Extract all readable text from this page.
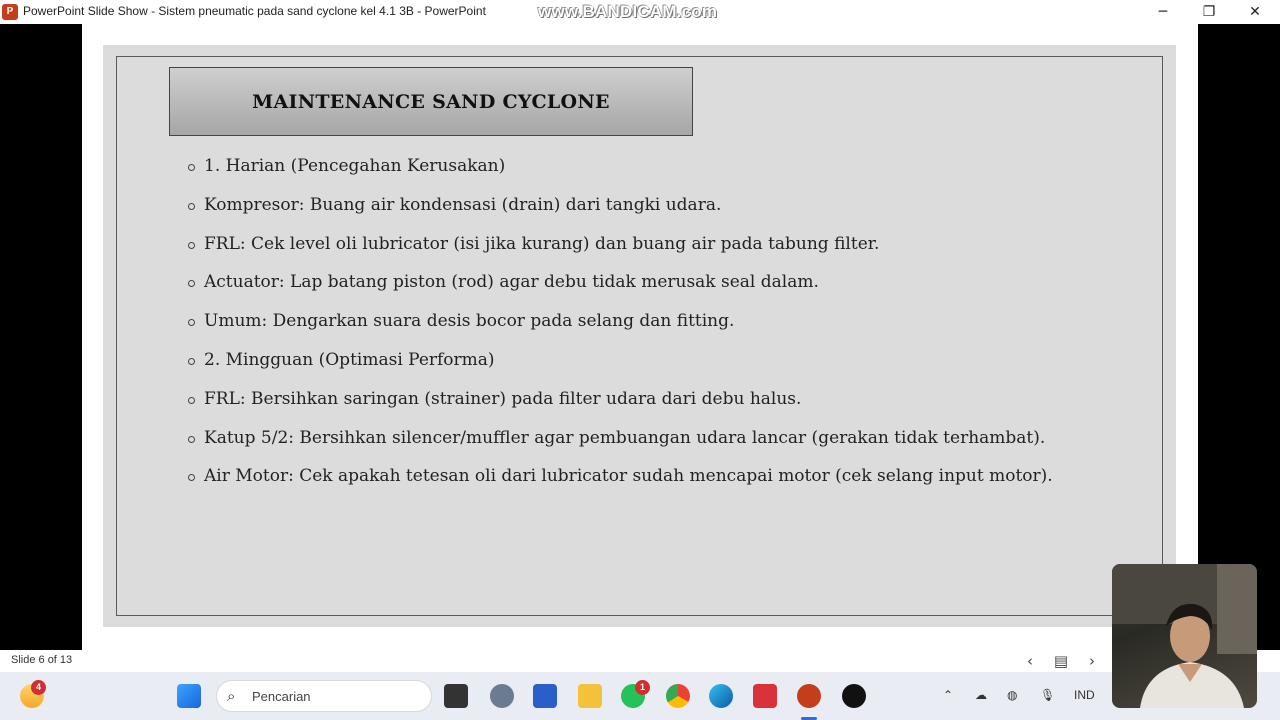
P PowerPoint Slide Show - Sistem pneumatic pada sand cyclone kel 4.1 3B - PowerPoint	www.BANDICAM.com	─	❐	✕
MAINTENANCE SAND CYCLONE
1. Harian (Pencegahan Kerusakan)
Kompresor: Buang air kondensasi (drain) dari tangki udara.
FRL: Cek level oli lubricator (isi jika kurang) dan buang air pada tabung filter.
Actuator: Lap batang piston (rod) agar debu tidak merusak seal dalam.
Umum: Dengarkan suara desis bocor pada selang dan fitting.
2. Mingguan (Optimasi Performa)
FRL: Bersihkan saringan (strainer) pada filter udara dari debu halus.
Katup 5/2: Bersihkan silencer/muffler agar pembuangan udara lancar (gerakan tidak terhambat).
Air Motor: Cek apakah tetesan oli dari lubricator sudah mencapai motor (cek selang input motor).
Slide 6 of 13	‹	▤	›
4	⌕ Pencarian
1
⌃ ☁ ◍ 🎙 IND
